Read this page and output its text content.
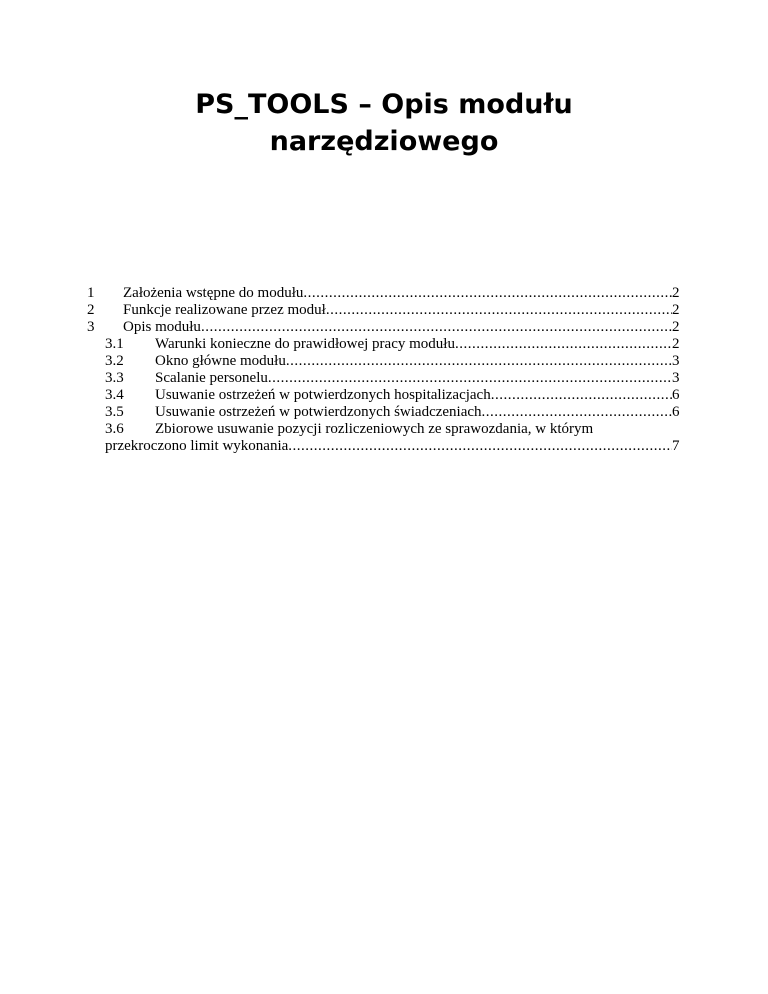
PS_TOOLS – Opis modułu
narzędziowego
1 Założenia wstępne do modułu .....	2
2 Funkcje realizowane przez moduł .....	2
3 Opis modułu .....	2
3.1 Warunki konieczne do prawidłowej pracy modułu .....	2
3.2 Okno główne modułu .....	3
3.3 Scalanie personelu .....	3
3.4 Usuwanie ostrzeżeń w potwierdzonych hospitalizacjach .....	6
3.5 Usuwanie ostrzeżeń w potwierdzonych świadczeniach .....	6
3.6 Zbiorowe usuwanie pozycji rozliczeniowych ze sprawozdania, w którym
przekroczono limit wykonania .....	7
